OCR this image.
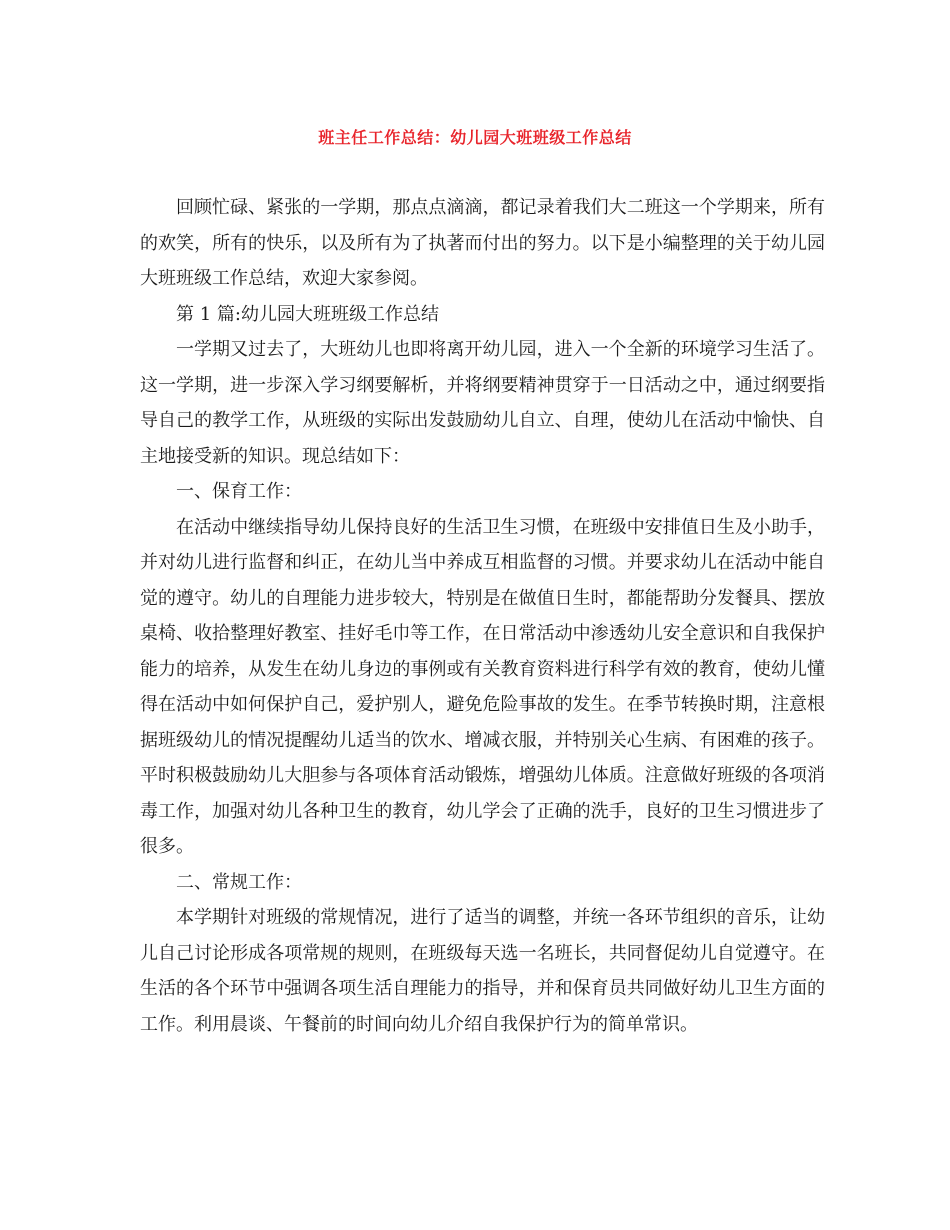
班主任工作总结：幼儿园大班班级工作总结

回顾忙碌、紧张的一学期，那点点滴滴，都记录着我们大二班这一个学期来，所有的欢笑，所有的快乐，以及所有为了执著而付出的努力。以下是小编整理的关于幼儿园大班班级工作总结，欢迎大家参阅。

第 1 篇:幼儿园大班班级工作总结

一学期又过去了，大班幼儿也即将离开幼儿园，进入一个全新的环境学习生活了。这一学期，进一步深入学习纲要解析，并将纲要精神贯穿于一日活动之中，通过纲要指导自己的教学工作，从班级的实际出发鼓励幼儿自立、自理，使幼儿在活动中愉快、自主地接受新的知识。现总结如下：

一、保育工作：

在活动中继续指导幼儿保持良好的生活卫生习惯，在班级中安排值日生及小助手，并对幼儿进行监督和纠正，在幼儿当中养成互相监督的习惯。并要求幼儿在活动中能自觉的遵守。幼儿的自理能力进步较大，特别是在做值日生时，都能帮助分发餐具、摆放桌椅、收拾整理好教室、挂好毛巾等工作，在日常活动中渗透幼儿安全意识和自我保护能力的培养，从发生在幼儿身边的事例或有关教育资料进行科学有效的教育，使幼儿懂得在活动中如何保护自己，爱护别人，避免危险事故的发生。在季节转换时期，注意根据班级幼儿的情况提醒幼儿适当的饮水、增减衣服，并特别关心生病、有困难的孩子。平时积极鼓励幼儿大胆参与各项体育活动锻炼，增强幼儿体质。注意做好班级的各项消毒工作，加强对幼儿各种卫生的教育，幼儿学会了正确的洗手，良好的卫生习惯进步了很多。

二、常规工作：

本学期针对班级的常规情况，进行了适当的调整，并统一各环节组织的音乐，让幼儿自己讨论形成各项常规的规则，在班级每天选一名班长，共同督促幼儿自觉遵守。在生活的各个环节中强调各项生活自理能力的指导，并和保育员共同做好幼儿卫生方面的工作。利用晨谈、午餐前的时间向幼儿介绍自我保护行为的简单常识。
